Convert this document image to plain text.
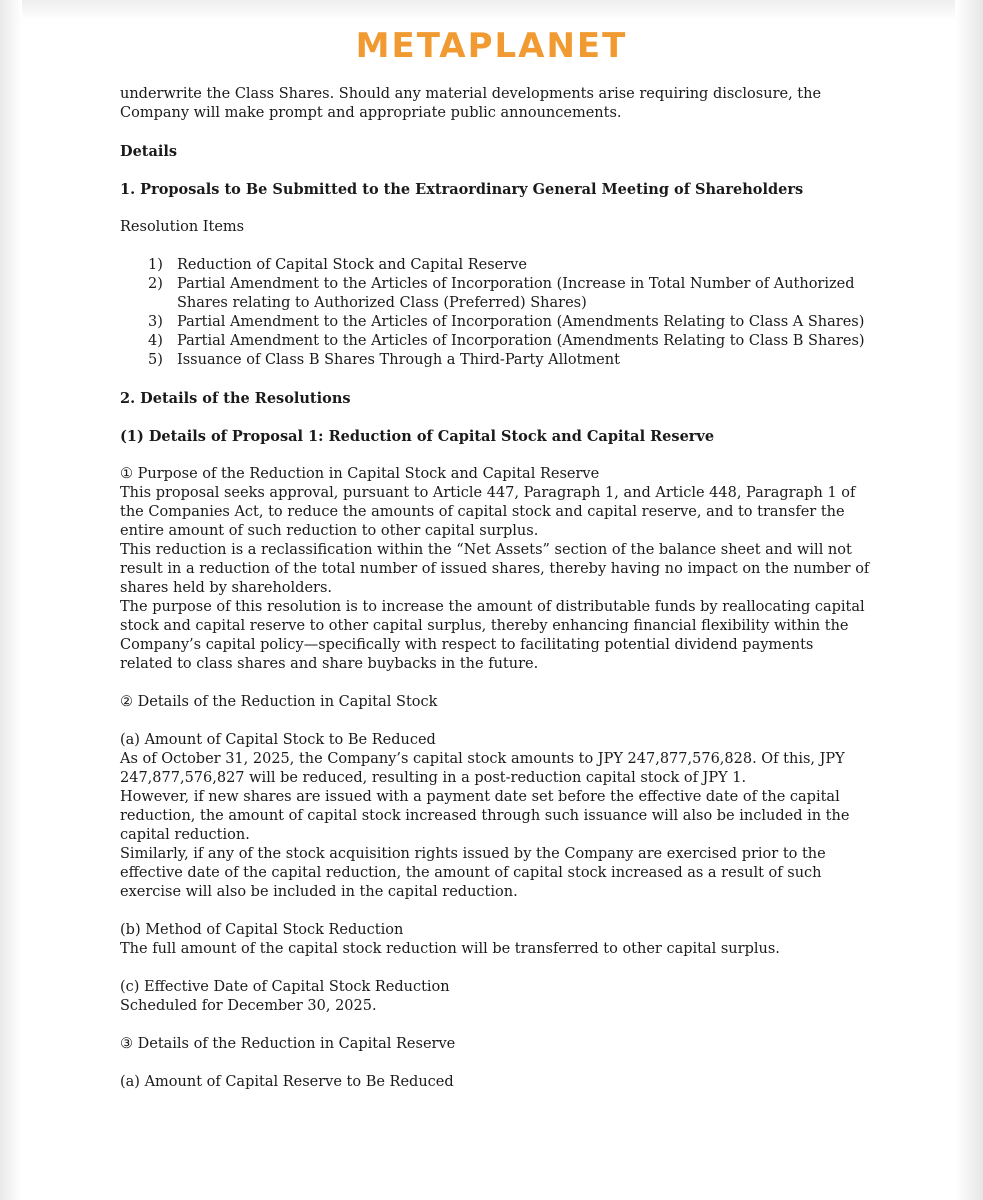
METAPLANET

underwrite the Class Shares. Should any material developments arise requiring disclosure, the Company will make prompt and appropriate public announcements.

Details

1. Proposals to Be Submitted to the Extraordinary General Meeting of Shareholders

Resolution Items

1) Reduction of Capital Stock and Capital Reserve
2) Partial Amendment to the Articles of Incorporation (Increase in Total Number of Authorized Shares relating to Authorized Class (Preferred) Shares)
3) Partial Amendment to the Articles of Incorporation (Amendments Relating to Class A Shares)
4) Partial Amendment to the Articles of Incorporation (Amendments Relating to Class B Shares)
5) Issuance of Class B Shares Through a Third-Party Allotment

2. Details of the Resolutions

(1) Details of Proposal 1: Reduction of Capital Stock and Capital Reserve

① Purpose of the Reduction in Capital Stock and Capital Reserve

This proposal seeks approval, pursuant to Article 447, Paragraph 1, and Article 448, Paragraph 1 of the Companies Act, to reduce the amounts of capital stock and capital reserve, and to transfer the entire amount of such reduction to other capital surplus.

This reduction is a reclassification within the “Net Assets” section of the balance sheet and will not result in a reduction of the total number of issued shares, thereby having no impact on the number of shares held by shareholders.

The purpose of this resolution is to increase the amount of distributable funds by reallocating capital stock and capital reserve to other capital surplus, thereby enhancing financial flexibility within the Company’s capital policy—specifically with respect to facilitating potential dividend payments related to class shares and share buybacks in the future.

② Details of the Reduction in Capital Stock

(a) Amount of Capital Stock to Be Reduced

As of October 31, 2025, the Company’s capital stock amounts to JPY 247,877,576,828. Of this, JPY 247,877,576,827 will be reduced, resulting in a post-reduction capital stock of JPY 1.

However, if new shares are issued with a payment date set before the effective date of the capital reduction, the amount of capital stock increased through such issuance will also be included in the capital reduction.

Similarly, if any of the stock acquisition rights issued by the Company are exercised prior to the effective date of the capital reduction, the amount of capital stock increased as a result of such exercise will also be included in the capital reduction.

(b) Method of Capital Stock Reduction

The full amount of the capital stock reduction will be transferred to other capital surplus.

(c) Effective Date of Capital Stock Reduction

Scheduled for December 30, 2025.

③ Details of the Reduction in Capital Reserve

(a) Amount of Capital Reserve to Be Reduced
